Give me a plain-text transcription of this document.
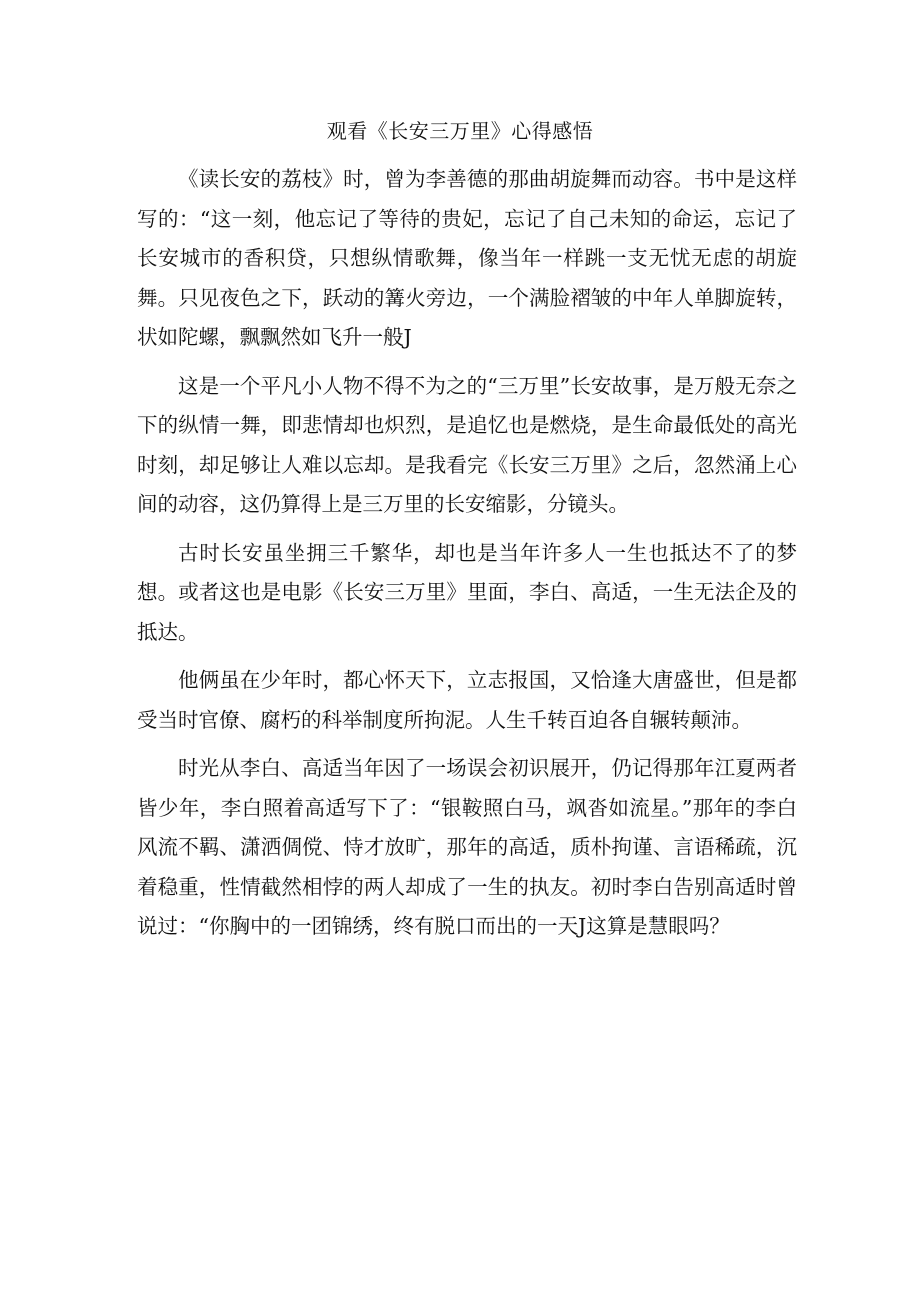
观看《长安三万里》心得感悟

《读长安的荔枝》时，曾为李善德的那曲胡旋舞而动容。书中是这样写的：“这一刻，他忘记了等待的贵妃，忘记了自己未知的命运，忘记了长安城市的香积贷，只想纵情歌舞，像当年一样跳一支无忧无虑的胡旋舞。只见夜色之下，跃动的篝火旁边，一个满脸褶皱的中年人单脚旋转，状如陀螺，飘飘然如飞升一般J

这是一个平凡小人物不得不为之的“三万里”长安故事，是万般无奈之下的纵情一舞，即悲情却也炽烈，是追忆也是燃烧，是生命最低处的高光时刻，却足够让人难以忘却。是我看完《长安三万里》之后，忽然涌上心间的动容，这仍算得上是三万里的长安缩影，分镜头。

古时长安虽坐拥三千繁华，却也是当年许多人一生也抵达不了的梦想。或者这也是电影《长安三万里》里面，李白、高适，一生无法企及的抵达。

他俩虽在少年时，都心怀天下，立志报国，又恰逢大唐盛世，但是都受当时官僚、腐朽的科举制度所拘泥。人生千转百迫各自辗转颠沛。

时光从李白、高适当年因了一场误会初识展开，仍记得那年江夏两者皆少年，李白照着高适写下了：“银鞍照白马，飒沓如流星。”那年的李白风流不羁、潇洒倜傥、恃才放旷，那年的高适，质朴拘谨、言语稀疏，沉着稳重，性情截然相悖的两人却成了一生的执友。初时李白告别高适时曾说过：“你胸中的一团锦绣，终有脱口而出的一天J这算是慧眼吗？
